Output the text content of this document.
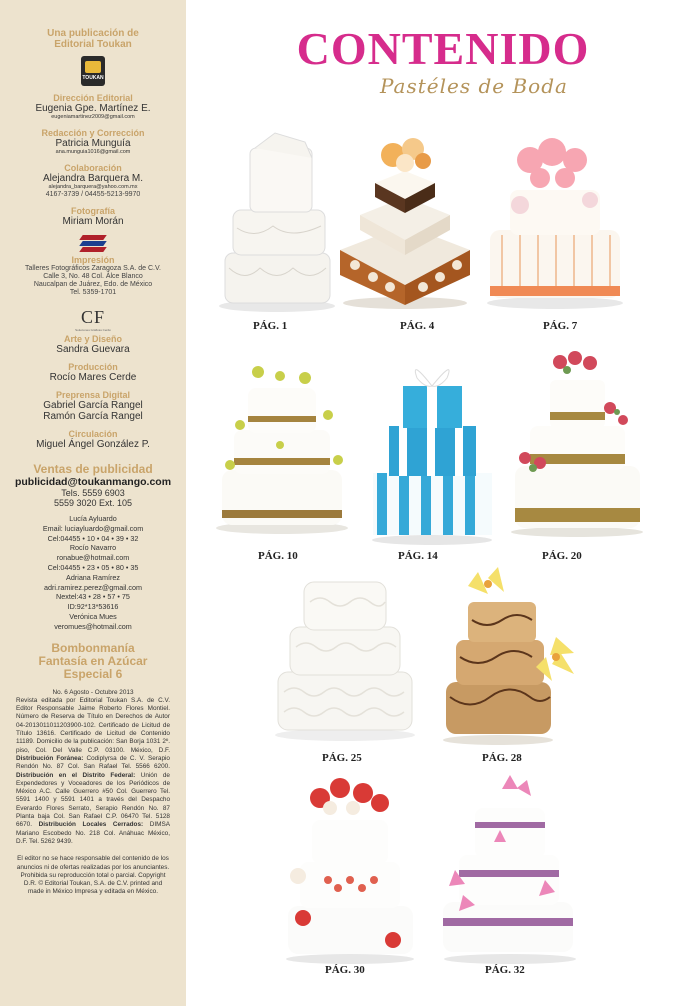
Una publicación de
Editorial Toukan
TOUKAN
Dirección Editorial
Eugenia Gpe. Martínez E.
eugeniamartinez2009@gmail.com
Redacción y Corrección
Patricia Munguía
ana.munguia1016@gmail.com
Colaboración
Alejandra Barquera M.
alejandra_barquera@yahoo.com.mx
4167-3739 / 04455-5213-9970
Fotografía
Miriam Morán
Impresión
Talleres Fotográficos Zaragoza S.A. de C.V.
Calle 3, No. 48 Col. Álce Blanco
Naucalpan de Juárez, Edo. de México
Tel. 5359-1701
CF
Soluciones Gráficas Cerdé
Arte y Diseño
Sandra Guevara
Producción
Rocío Mares Cerde
Preprensa Digital
Gabriel García Rangel
Ramón García Rangel
Circulación
Miguel Ángel González P.
Ventas de publicidad
publicidad@toukanmango.com
Tels. 5559 6903
5559 3020 Ext. 105
Lucía Ayluardo
Email: luciayluardo@gmail.com
Cel:04455 • 10 • 04 • 39 • 32
Rocío Navarro
ronabue@hotmail.com
Cel:04455 • 23 • 05 • 80 • 35
Adriana Ramírez
adri.ramirez.perez@gmail.com
Nextel:43 • 28 • 57 • 75
ID:92*13*53616
Verónica Mues
veromues@hotmail.com
Bombonmanía
Fantasía en Azúcar
Especial 6
No. 6 Agosto - Octubre 2013
Revista editada por Editorial Toukan S.A. de C.V. Editor Responsable Jaime Roberto Flores Montiel. Número de Reserva de Título en Derechos de Autor 04-2013011011203900-102. Certificado de Licitud de Título 13616. Certificado de Licitud de Contenido 11189. Domicilio de la publicación: San Borja 1031 2º. piso, Col. Del Valle C.P. 03100. México, D.F. Distribución Foránea: Codiplyrsa de C. V. Serapio Rendón No. 87 Col. San Rafael Tel. 5566 6200. Distribución en el Distrito Federal: Unión de Expendedores y Voceadores de los Periódicos de México A.C. Calle Guerrero #50 Col. Guerrero Tel. 5591 1400 y 5591 1401 a través del Despacho Everardo Flores Serrato, Serapio Rendón No. 87 Planta baja Col. San Rafael C.P. 06470 Tel. 5128 6670. Distribución Locales Cerrados: DIMSA Mariano Escobedo No. 218 Col. Anáhuac México, D.F. Tel. 5262 9439.
El editor no se hace responsable del contenido de los anuncios ni de ofertas realizadas por los anunciantes. Prohibida su reproducción total o parcial. Copyright D.R. © Editorial Toukan, S.A. de C.V. printed and made in México Impresa y editada en México.
CONTENIDO
Pastéles de Boda
PÁG. 1	PÁG. 4	PÁG. 7
PÁG. 10	PÁG. 14	PÁG. 20
PÁG. 25	PÁG. 28
PÁG. 30	PÁG. 32
